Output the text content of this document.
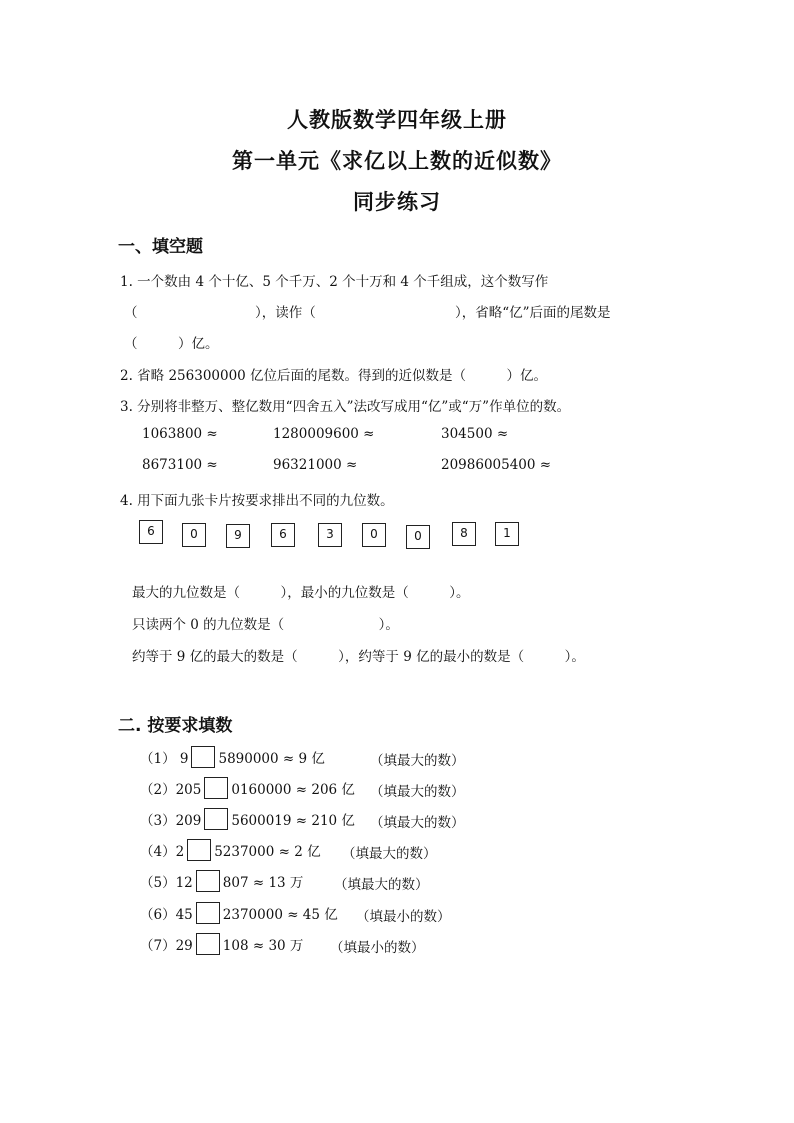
人教版数学四年级上册
第一单元《求亿以上数的近似数》
同步练习
一、填空题
1. 一个数由 4 个十亿、5 个千万、2 个十万和 4 个千组成，这个数写作
（	），读作（	），省略“亿”后面的尾数是
（　　　）亿。
2. 省略 256300000 亿位后面的尾数。得到的近似数是（　　　）亿。
3. 分别将非整万、整亿数用“四舍五入”法改写成用“亿”或“万”作单位的数。
1063800 ≈	1280009600 ≈	304500 ≈
8673100 ≈	96321000 ≈	20986005400 ≈
4. 用下面九张卡片按要求排出不同的九位数。
6	0	9	6	3	0	0	8	1
最大的九位数是（　　　），最小的九位数是（　　　）。
只读两个 0 的九位数是（　　　　　　　）。
约等于 9 亿的最大的数是（　　　），约等于 9 亿的最小的数是（　　　）。
二. 按要求填数
（1） 9 5890000 ≈ 9 亿	（填最大的数）
（2）205 0160000 ≈ 206 亿 （填最大的数）
（3）209 5600019 ≈ 210 亿 （填最大的数）
（4）2 5237000 ≈ 2 亿 （填最大的数）
（5）12 807 ≈ 13 万 （填最大的数）
（6）45 2370000 ≈ 45 亿 （填最小的数）
（7）29 108 ≈ 30 万 （填最小的数）
